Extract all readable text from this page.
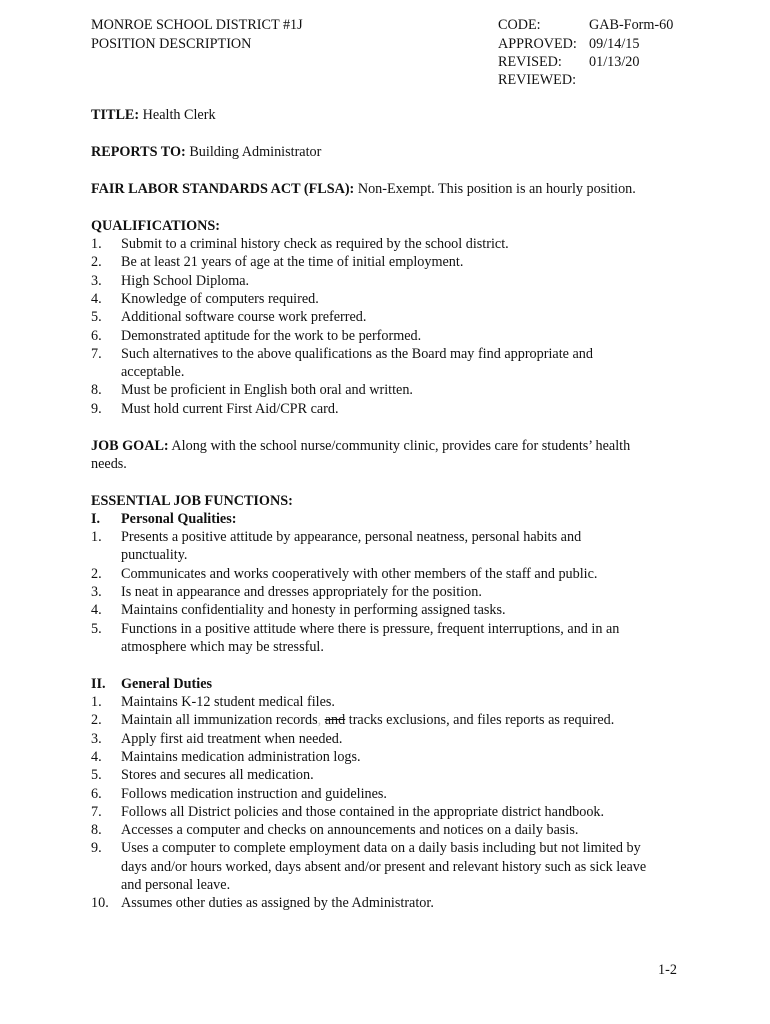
MONROE SCHOOL DISTRICT #1J
POSITION DESCRIPTION
CODE:	GAB-Form-60
APPROVED: 09/14/15
REVISED: 01/13/20
REVIEWED:
TITLE: Health Clerk
REPORTS TO: Building Administrator
FAIR LABOR STANDARDS ACT (FLSA): Non-Exempt. This position is an hourly position.
QUALIFICATIONS:
1. Submit to a criminal history check as required by the school district.
2. Be at least 21 years of age at the time of initial employment.
3. High School Diploma.
4. Knowledge of computers required.
5. Additional software course work preferred.
6. Demonstrated aptitude for the work to be performed.
7. Such alternatives to the above qualifications as the Board may find appropriate and
acceptable.
8. Must be proficient in English both oral and written.
9. Must hold current First Aid/CPR card.
JOB GOAL: Along with the school nurse/community clinic, provides care for students’ health
needs.
ESSENTIAL JOB FUNCTIONS:
I. Personal Qualities:
1. Presents a positive attitude by appearance, personal neatness, personal habits and
punctuality.
2. Communicates and works cooperatively with other members of the staff and public.
3. Is neat in appearance and dresses appropriately for the position.
4. Maintains confidentiality and honesty in performing assigned tasks.
5. Functions in a positive attitude where there is pressure, frequent interruptions, and in an
atmosphere which may be stressful.
II. General Duties
1. Maintains K-12 student medical files.
2. Maintain all immunization records, and tracks exclusions, and files reports as required.
3. Apply first aid treatment when needed.
4. Maintains medication administration logs.
5. Stores and secures all medication.
6. Follows medication instruction and guidelines.
7. Follows all District policies and those contained in the appropriate district handbook.
8. Accesses a computer and checks on announcements and notices on a daily basis.
9. Uses a computer to complete employment data on a daily basis including but not limited by
days and/or hours worked, days absent and/or present and relevant history such as sick leave
and personal leave.
10. Assumes other duties as assigned by the Administrator.
1-2
